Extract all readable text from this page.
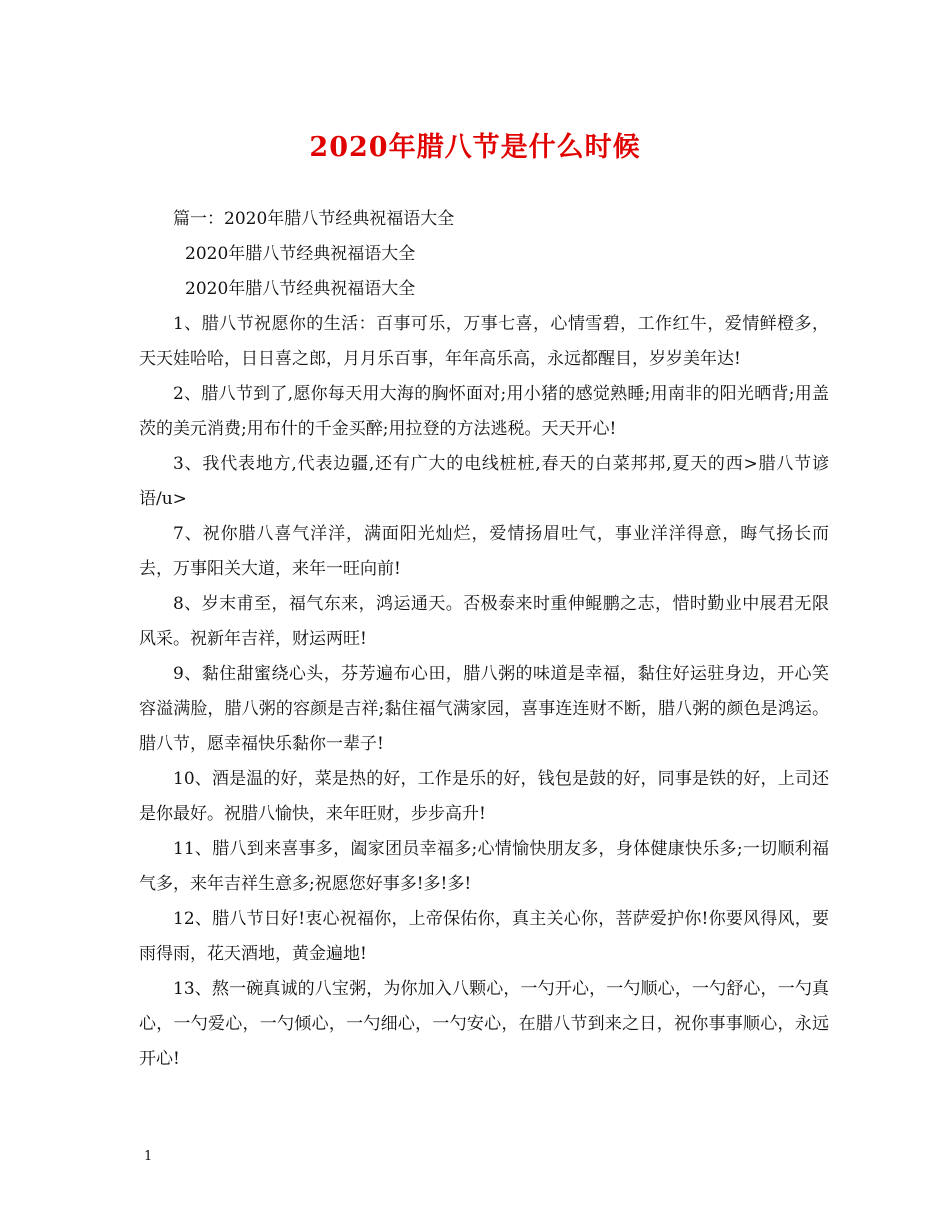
2020年腊八节是什么时候
篇一：2020年腊八节经典祝福语大全
2020年腊八节经典祝福语大全
2020年腊八节经典祝福语大全

1、腊八节祝愿你的生活：百事可乐，万事七喜，心情雪碧，工作红牛，爱情鲜橙多，天天娃哈哈，日日喜之郎，月月乐百事，年年高乐高，永远都醒目，岁岁美年达!

2、腊八节到了,愿你每天用大海的胸怀面对;用小猪的感觉熟睡;用南非的阳光晒背;用盖茨的美元消费;用布什的千金买醉;用拉登的方法逃税。天天开心!

3、我代表地方,代表边疆,还有广大的电线桩桩,春天的白菜邦邦,夏天的西>腊八节谚语/u>

7、祝你腊八喜气洋洋，满面阳光灿烂，爱情扬眉吐气，事业洋洋得意，晦气扬长而去，万事阳关大道，来年一旺向前!

8、岁末甫至，福气东来，鸿运通天。否极泰来时重伸鲲鹏之志，惜时勤业中展君无限风采。祝新年吉祥，财运两旺!

9、黏住甜蜜绕心头，芬芳遍布心田，腊八粥的味道是幸福，黏住好运驻身边，开心笑容溢满脸，腊八粥的容颜是吉祥;黏住福气满家园，喜事连连财不断，腊八粥的颜色是鸿运。腊八节，愿幸福快乐黏你一辈子!

10、酒是温的好，菜是热的好，工作是乐的好，钱包是鼓的好，同事是铁的好，上司还是你最好。祝腊八愉快，来年旺财，步步高升!

11、腊八到来喜事多，阖家团员幸福多;心情愉快朋友多，身体健康快乐多;一切顺利福气多，来年吉祥生意多;祝愿您好事多!多!多!

12、腊八节日好!衷心祝福你，上帝保佑你，真主关心你，菩萨爱护你!你要风得风，要雨得雨，花天酒地，黄金遍地!

13、熬一碗真诚的八宝粥，为你加入八颗心，一勺开心，一勺顺心，一勺舒心，一勺真心，一勺爱心，一勺倾心，一勺细心，一勺安心，在腊八节到来之日，祝你事事顺心，永远开心!

1
